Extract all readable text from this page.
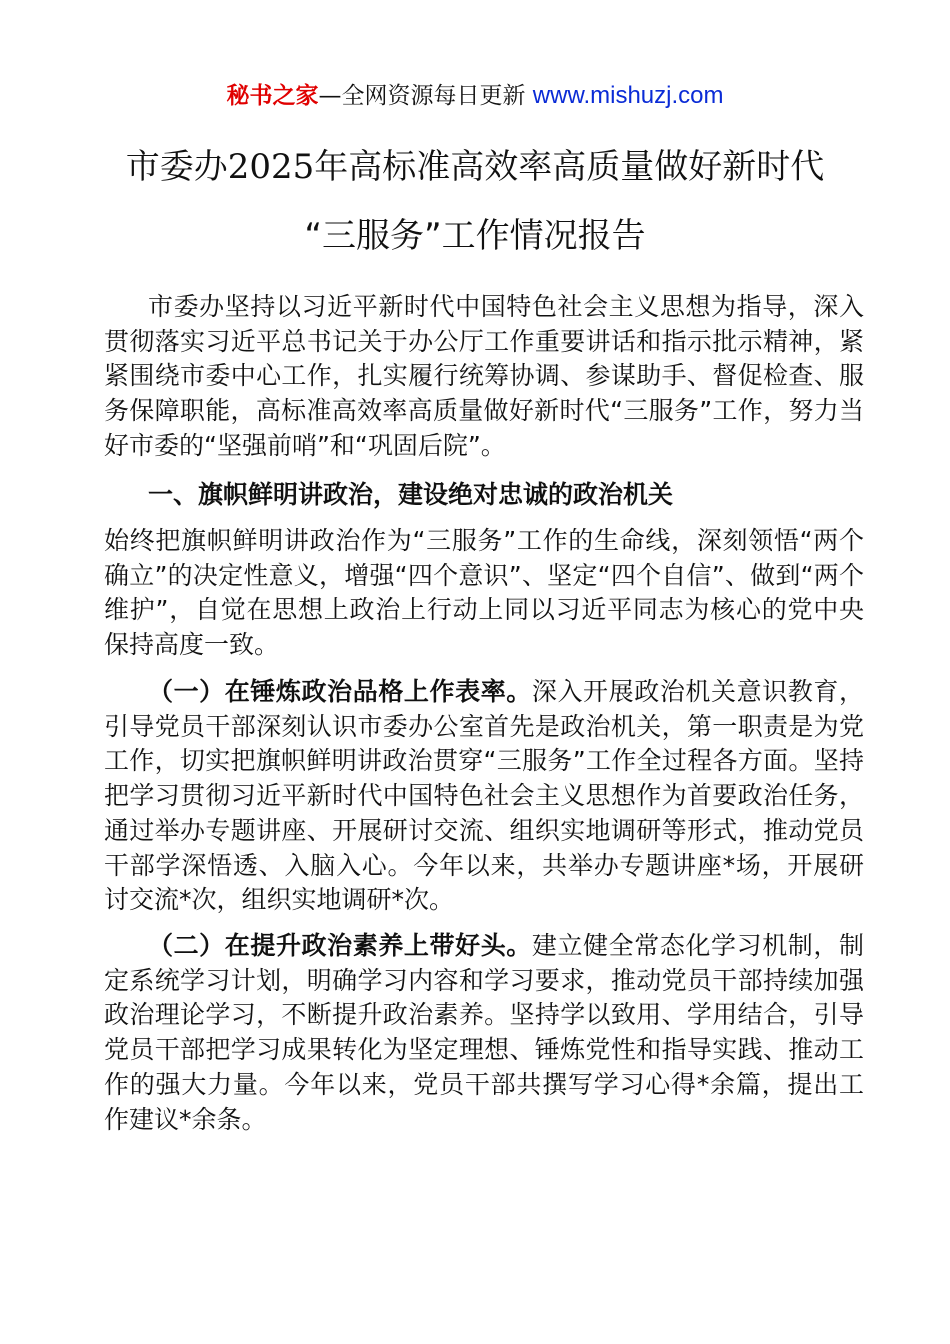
秘书之家—全网资源每日更新 www.mishuzj.com
市委办2025年高标准高效率高质量做好新时代
“三服务”工作情况报告

市委办坚持以习近平新时代中国特色社会主义思想为指导，深入贯彻落实习近平总书记关于办公厅工作重要讲话和指示批示精神，紧紧围绕市委中心工作，扎实履行统筹协调、参谋助手、督促检查、服务保障职能，高标准高效率高质量做好新时代“三服务”工作，努力当好市委的“坚强前哨”和“巩固后院”。

一、旗帜鲜明讲政治，建设绝对忠诚的政治机关

始终把旗帜鲜明讲政治作为“三服务”工作的生命线，深刻领悟“两个确立”的决定性意义，增强“四个意识”、坚定“四个自信”、做到“两个维护”，自觉在思想上政治上行动上同以习近平同志为核心的党中央保持高度一致。

（一）在锤炼政治品格上作表率。深入开展政治机关意识教育，引导党员干部深刻认识市委办公室首先是政治机关，第一职责是为党工作，切实把旗帜鲜明讲政治贯穿“三服务”工作全过程各方面。坚持把学习贯彻习近平新时代中国特色社会主义思想作为首要政治任务，通过举办专题讲座、开展研讨交流、组织实地调研等形式，推动党员干部学深悟透、入脑入心。今年以来，共举办专题讲座*场，开展研讨交流*次，组织实地调研*次。

（二）在提升政治素养上带好头。建立健全常态化学习机制，制定系统学习计划，明确学习内容和学习要求，推动党员干部持续加强政治理论学习，不断提升政治素养。坚持学以致用、学用结合，引导党员干部把学习成果转化为坚定理想、锤炼党性和指导实践、推动工作的强大力量。今年以来，党员干部共撰写学习心得*余篇，提出工作建议*余条。
